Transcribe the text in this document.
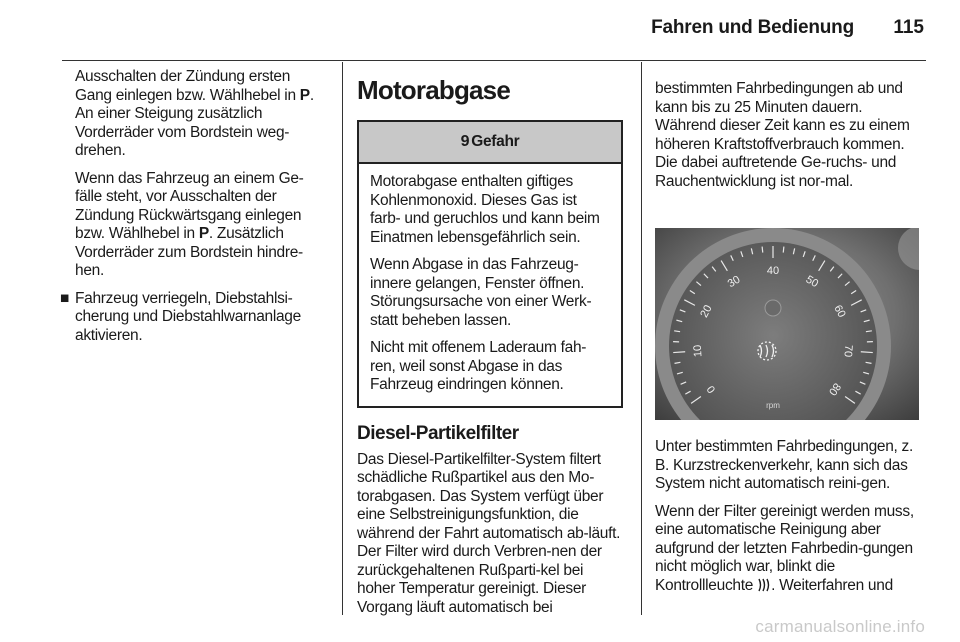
Fahren und Bedienung	115

Ausschalten der Zündung ersten Gang einlegen bzw. Wählhebel in P. An einer Steigung zusätzlich Vorderräder vom Bordstein weg-drehen.

Wenn das Fahrzeug an einem Ge-fälle steht, vor Ausschalten der Zündung Rückwärtsgang einlegen bzw. Wählhebel in P. Zusätzlich Vorderräder zum Bordstein hindre-hen.

■ Fahrzeug verriegeln, Diebstahlsi-cherung und Diebstahlwarnanlage aktivieren.

Motorabgase
9 Gefahr

Motorabgase enthalten giftiges Kohlenmonoxid. Dieses Gas ist farb- und geruchlos und kann beim Einatmen lebensgefährlich sein.

Wenn Abgase in das Fahrzeug-innere gelangen, Fenster öffnen. Störungsursache von einer Werk-statt beheben lassen.

Nicht mit offenem Laderaum fah-ren, weil sonst Abgase in das Fahrzeug eindringen können.

Diesel-Partikelfilter

Das Diesel-Partikelfilter-System filtert schädliche Rußpartikel aus den Mo-torabgasen. Das System verfügt über eine Selbstreinigungsfunktion, die während der Fahrt automatisch ab-läuft. Der Filter wird durch Verbren-nen der zurückgehaltenen Rußparti-kel bei hoher Temperatur gereinigt. Dieser Vorgang läuft automatisch bei

bestimmten Fahrbedingungen ab und kann bis zu 25 Minuten dauern. Während dieser Zeit kann es zu einem höheren Kraftstoffverbrauch kommen. Die dabei auftretende Ge-ruchs- und Rauchentwicklung ist nor-mal.

0
10
20
30
40
50
60
70
80
rpm

Unter bestimmten Fahrbedingungen, z. B. Kurzstreckenverkehr, kann sich das System nicht automatisch reini-gen.

Wenn der Filter gereinigt werden muss, eine automatische Reinigung aber aufgrund der letzten Fahrbedin-gungen nicht möglich war, blinkt die Kontrollleuchte . Weiterfahren und

carmanualsonline.info
